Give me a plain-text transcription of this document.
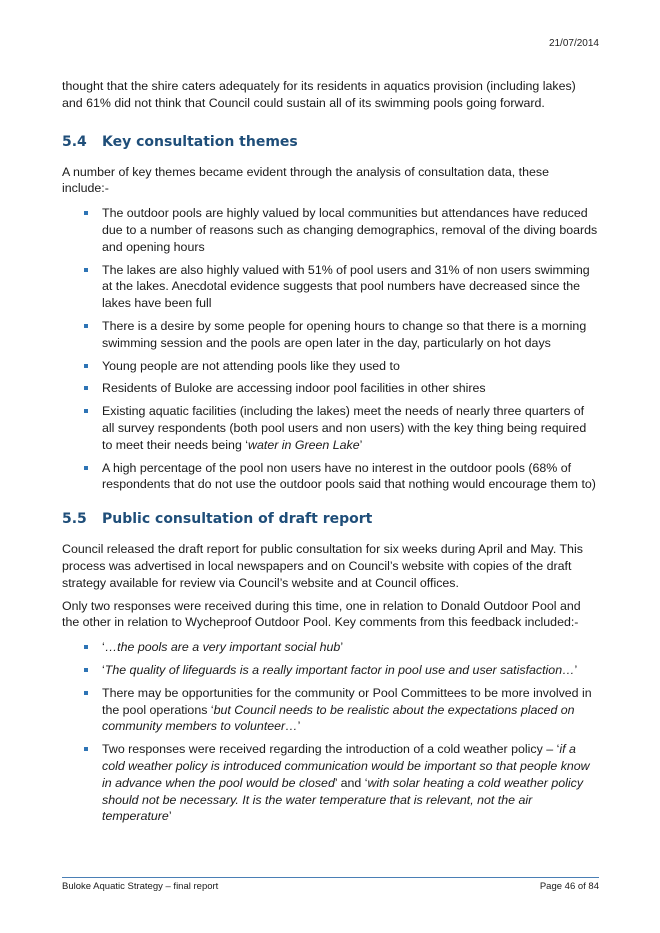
21/07/2014

thought that the shire caters adequately for its residents in aquatics provision (including lakes) and 61% did not think that Council could sustain all of its swimming pools going forward.

5.4	Key consultation themes

A number of key themes became evident through the analysis of consultation data, these include:-

The outdoor pools are highly valued by local communities but attendances have reduced due to a number of reasons such as changing demographics, removal of the diving boards and opening hours
The lakes are also highly valued with 51% of pool users and 31% of non users swimming at the lakes. Anecdotal evidence suggests that pool numbers have decreased since the lakes have been full
There is a desire by some people for opening hours to change so that there is a morning swimming session and the pools are open later in the day, particularly on hot days
Young people are not attending pools like they used to
Residents of Buloke are accessing indoor pool facilities in other shires
Existing aquatic facilities (including the lakes) meet the needs of nearly three quarters of all survey respondents (both pool users and non users) with the key thing being required to meet their needs being ‘water in Green Lake’
A high percentage of the pool non users have no interest in the outdoor pools (68% of respondents that do not use the outdoor pools said that nothing would encourage them to)
5.5	Public consultation of draft report

Council released the draft report for public consultation for six weeks during April and May. This process was advertised in local newspapers and on Council’s website with copies of the draft strategy available for review via Council’s website and at Council offices.

Only two responses were received during this time, one in relation to Donald Outdoor Pool and the other in relation to Wycheproof Outdoor Pool. Key comments from this feedback included:-

‘…the pools are a very important social hub’
‘The quality of lifeguards is a really important factor in pool use and user satisfaction…’
There may be opportunities for the community or Pool Committees to be more involved in the pool operations ‘but Council needs to be realistic about the expectations placed on community members to volunteer…’
Two responses were received regarding the introduction of a cold weather policy – ‘if a cold weather policy is introduced communication would be important so that people know in advance when the pool would be closed’ and ‘with solar heating a cold weather policy should not be necessary. It is the water temperature that is relevant, not the air temperature’
Buloke Aquatic Strategy – final report	Page 46 of 84
